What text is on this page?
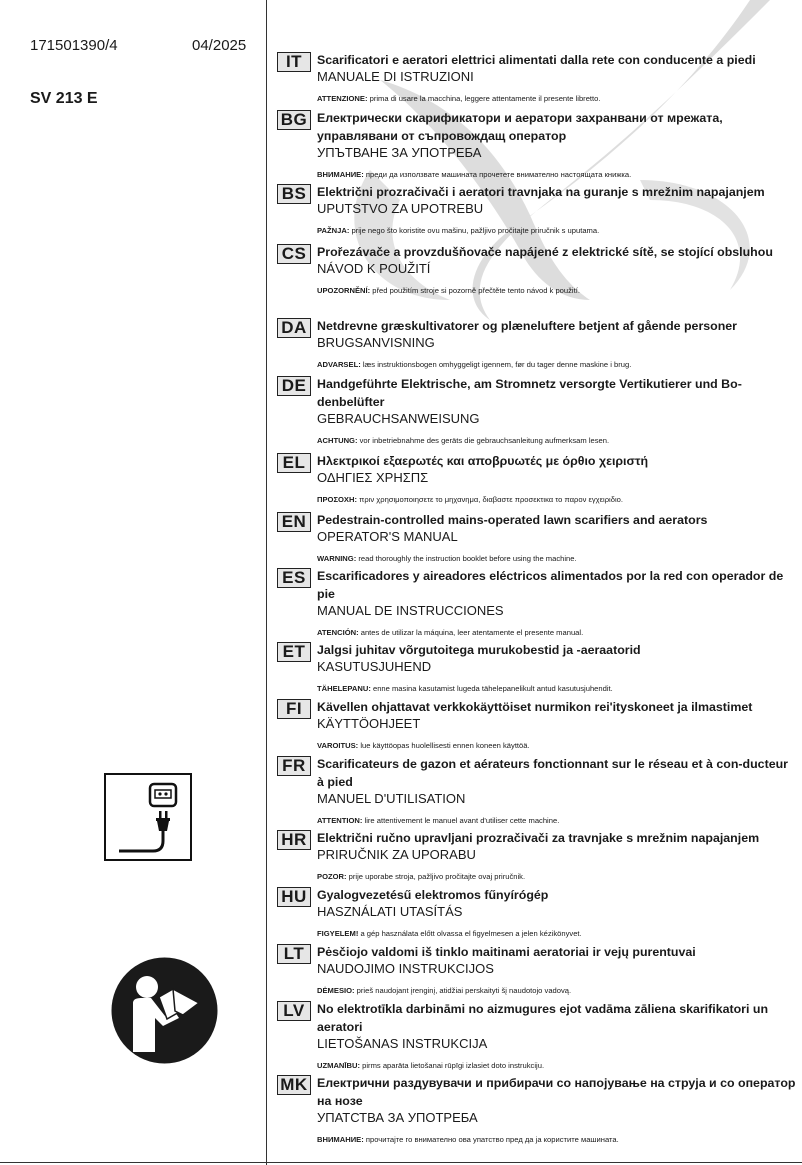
171501390/4	04/2025
SV 213 E
IT	Scarificatori e aeratori elettrici alimentati dalla rete con conducente a piedi
MANUALE DI ISTRUZIONI
ATTENZIONE: prima di usare la macchina, leggere attentamente il presente libretto.
BG Електрически скарификатори и аератори захранвани от мрежата, управлявани от съпровождащ оператор
УПЪТВАНЕ ЗА УПОТРЕБА
ВНИМАНИЕ: преди да използвате машината прочетете внимателно настоящата книжка.
BS Električni prozračivači i aeratori travnjaka na guranje s mrežnim napajanjem
UPUTSTVO ZA UPOTREBU
PAŽNJA: prije nego što koristite ovu mašinu, pažljivo pročitajte priručnik s uputama.
CS Prořezávače a provzdušňovače napájené z elektrické sítě, se stojící obsluhou
NÁVOD K POUŽITÍ
UPOZORNĚNÍ: před použitím stroje si pozorně přečtěte tento návod k použití.
DA Netdrevne græskultivatorer og plæneluftere betjent af gående personer
BRUGSANVISNING
ADVARSEL: læs instruktionsbogen omhyggeligt igennem, før du tager denne maskine i brug.
DE Handgeführte Elektrische, am Stromnetz versorgte Vertikutierer und Bo-denbelüfter
GEBRAUCHSANWEISUNG
ACHTUNG: vor inbetriebnahme des geräts die gebrauchsanleitung aufmerksam lesen.
EL Ηλεκτρικοί εξαερωτές και αποβρυωτές με όρθιο χειριστή
ΟΔΗΓΙΕΣ ΧΡΗΣΠΣ
ΠΡΟΣΟΧΗ: πριν χρησιμοποιησετε το μηχανημα, διαβαστε προσεκτικα το παρον εγχειριδιο.
EN Pedestrain-controlled mains-operated lawn scarifiers and aerators
OPERATOR'S MANUAL
WARNING: read thoroughly the instruction booklet before using the machine.
ES Escarificadores y aireadores eléctricos alimentados por la red con operador de pie
MANUAL DE INSTRUCCIONES
ATENCIÓN: antes de utilizar la máquina, leer atentamente el presente manual.
ET Jalgsi juhitav võrgutoitega murukobestid ja -aeraatorid
KASUTUSJUHEND
TÄHELEPANU: enne masina kasutamist lugeda tähelepanelikult antud kasutusjuhendit.
FI	Kävellen ohjattavat verkkokäyttöiset nurmikon rei'ityskoneet ja ilmastimet
KÄYTTÖOHJEET
VAROITUS: lue käyttöopas huolellisesti ennen koneen käyttöä.
FR Scarificateurs de gazon et aérateurs fonctionnant sur le réseau et à con-ducteur à pied
MANUEL D'UTILISATION
ATTENTION: lire attentivement le manuel avant d'utiliser cette machine.
HR Električni ručno upravljani prozračivači za travnjake s mrežnim napajanjem
PRIRUČNIK ZA UPORABU
POZOR: prije uporabe stroja, pažljivo pročitajte ovaj priručnik.
HU Gyalogvezetésű elektromos fűnyírógép
HASZNÁLATI UTASÍTÁS
FIGYELEM! a gép használata előtt olvassa el figyelmesen a jelen kézikönyvet.
LT	Pėsčiojo valdomi iš tinklo maitinami aeratoriai ir vejų purentuvai
NAUDOJIMO INSTRUKCIJOS
DĖMESIO: prieš naudojant įrenginį, atidžiai perskaityti šį naudotojo vadovą.
LV No elektrotīkla darbināmi no aizmugures ejot vadāma zāliena skarifikatori un aeratori
LIETOŠANAS INSTRUKCIJA
UZMANĪBU: pirms aparāta lietošanai rūpīgi izlasiet doto instrukciju.
MK Електрични раздувувачи и прибирачи со напојување на струја и со оператор на нозе
УПАТСТВА ЗА УПОТРЕБА
ВНИМАНИЕ: прочитајте го внимателно ова упатство пред да ја користите машината.
